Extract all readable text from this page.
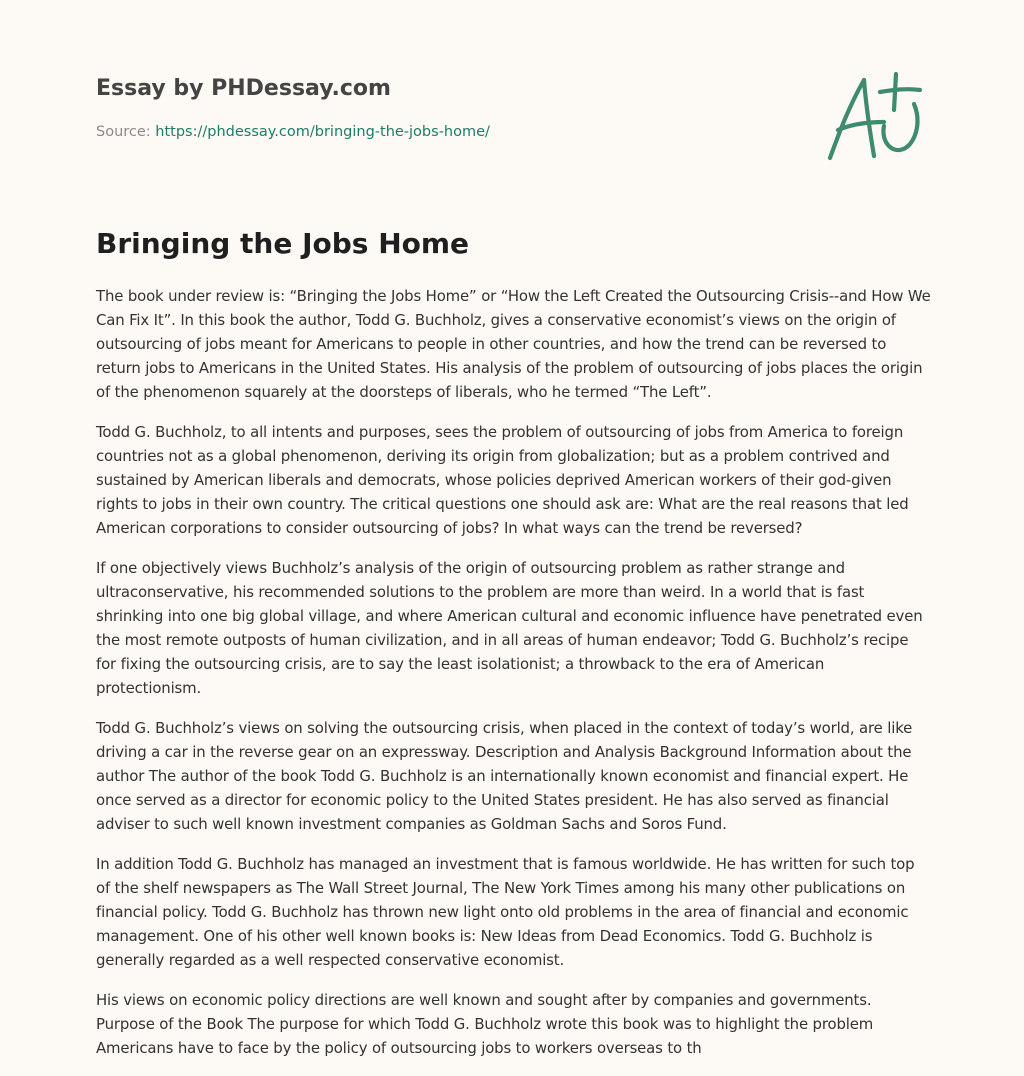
Essay by PHDessay.com
Source: https://phdessay.com/bringing-the-jobs-home/
Bringing the Jobs Home

The book under review is: “Bringing the Jobs Home” or “How the Left Created the Outsourcing Crisis--and How We Can Fix It”. In this book the author, Todd G. Buchholz, gives a conservative economist’s views on the origin of outsourcing of jobs meant for Americans to people in other countries, and how the trend can be reversed to return jobs to Americans in the United States. His analysis of the problem of outsourcing of jobs places the origin of the phenomenon squarely at the doorsteps of liberals, who he termed “The Left”.

Todd G. Buchholz, to all intents and purposes, sees the problem of outsourcing of jobs from America to foreign countries not as a global phenomenon, deriving its origin from globalization; but as a problem contrived and sustained by American liberals and democrats, whose policies deprived American workers of their god-given rights to jobs in their own country. The critical questions one should ask are: What are the real reasons that led American corporations to consider outsourcing of jobs? In what ways can the trend be reversed?

If one objectively views Buchholz’s analysis of the origin of outsourcing problem as rather strange and ultraconservative, his recommended solutions to the problem are more than weird. In a world that is fast shrinking into one big global village, and where American cultural and economic influence have penetrated even the most remote outposts of human civilization, and in all areas of human endeavor; Todd G. Buchholz’s recipe for fixing the outsourcing crisis, are to say the least isolationist; a throwback to the era of American protectionism.

Todd G. Buchholz’s views on solving the outsourcing crisis, when placed in the context of today’s world, are like driving a car in the reverse gear on an expressway. Description and Analysis Background Information about the author The author of the book Todd G. Buchholz is an internationally known economist and financial expert. He once served as a director for economic policy to the United States president. He has also served as financial adviser to such well known investment companies as Goldman Sachs and Soros Fund.

In addition Todd G. Buchholz has managed an investment that is famous worldwide. He has written for such top of the shelf newspapers as The Wall Street Journal, The New York Times among his many other publications on financial policy. Todd G. Buchholz has thrown new light onto old problems in the area of financial and economic management. One of his other well known books is: New Ideas from Dead Economics. Todd G. Buchholz is generally regarded as a well respected conservative economist.

His views on economic policy directions are well known and sought after by companies and governments. Purpose of the Book The purpose for which Todd G. Buchholz wrote this book was to highlight the problem Americans have to face by the policy of outsourcing jobs to workers overseas to th
